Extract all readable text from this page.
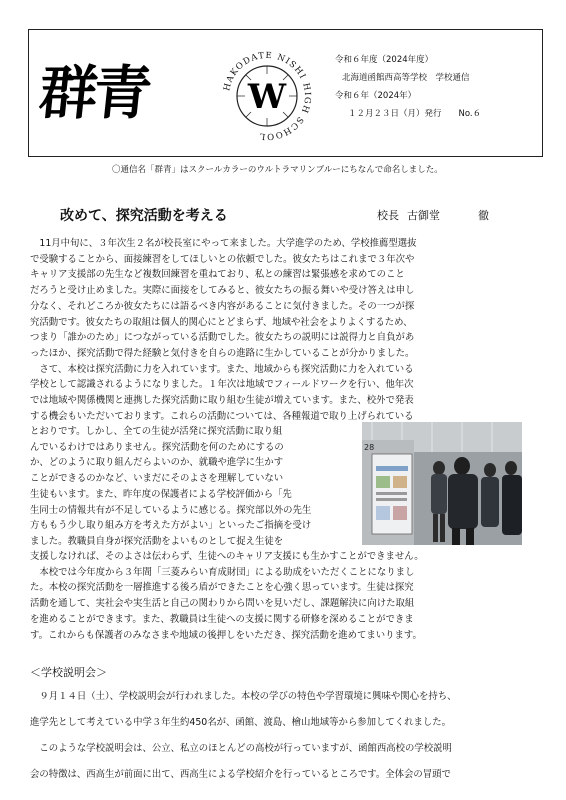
群青	W
HAKODATE NISHI HIGH SCHOOL
令和６年度（2024年度）
北海道函館西高等学校　学校通信
令和６年（2024年）
１２月２３日（月）発行　　No.６
〇通信名「群青」はスクールカラーのウルトラマリンブルーにちなんで命名しました。
改めて、探究活動を考える	校長 古御堂	徹

　11月中旬に、３年次生２名が校長室にやって来ました。大学進学のため、学校推薦型選抜

で受験することから、面接練習をしてほしいとの依頼でした。彼女たちはこれまで３年次や

キャリア支援部の先生など複数回練習を重ねており、私との練習は緊張感を求めてのこと

だろうと受け止めました。実際に面接をしてみると、彼女たちの振る舞いや受け答えは申し

分なく、それどころか彼女たちには語るべき内容があることに気付きました。その一つが探

究活動です。彼女たちの取組は個人的関心にとどまらず、地域や社会をよりよくするため、

つまり「誰かのため」につながっている活動でした。彼女たちの説明には説得力と自負があ

ったほか、探究活動で得た経験と気付きを自らの進路に生かしていることが分かりました。

　さて、本校は探究活動に力を入れています。また、地域からも探究活動に力を入れている

学校として認識されるようになりました。１年次は地域でフィールドワークを行い、他年次

では地域や関係機関と連携した探究活動に取り組む生徒が増えています。また、校外で発表

する機会もいただいております。これらの活動については、各種報道で取り上げられている

とおりです。しかし、全ての生徒が活発に探究活動に取り組

んでいるわけではありません。探究活動を何のためにするの

か、どのように取り組んだらよいのか、就職や進学に生かす

ことができるのかなど、いまだにそのよさを理解していない

生徒もいます。また、昨年度の保護者による学校評価から「先

生同士の情報共有が不足しているように感じる。探究部以外の先生

方ももう少し取り組み方を考えた方がよい」といったご指摘を受け

ました。教職員自身が探究活動をよいものとして捉え生徒を

支援しなければ、そのよさは伝わらず、生徒へのキャリア支援にも生かすことができません。

　本校では今年度から３年間「三菱みらい育成財団」による助成をいただくことになりまし

た。本校の探究活動を一層推進する後ろ盾ができたことを心強く思っています。生徒は探究

活動を通して、実社会や実生活と自己の関わりから問いを見いだし、課題解決に向けた取組

を進めることができます。また、教職員は生徒への支援に関する研修を深めることができま

す。これからも保護者のみなさまや地域の後押しをいただき、探究活動を進めてまいります。

28
＜学校説明会＞

　９月１４日（土）、学校説明会が行われました。本校の学びの特色や学習環境に興味や関心を持ち、

進学先として考えている中学３年生約450名が、函館、渡島、檜山地域等から参加してくれました。

　このような学校説明会は、公立、私立のほとんどの高校が行っていますが、函館西高校の学校説明

会の特徴は、西高生が前面に出て、西高生による学校紹介を行っているところです。全体会の冒頭で
